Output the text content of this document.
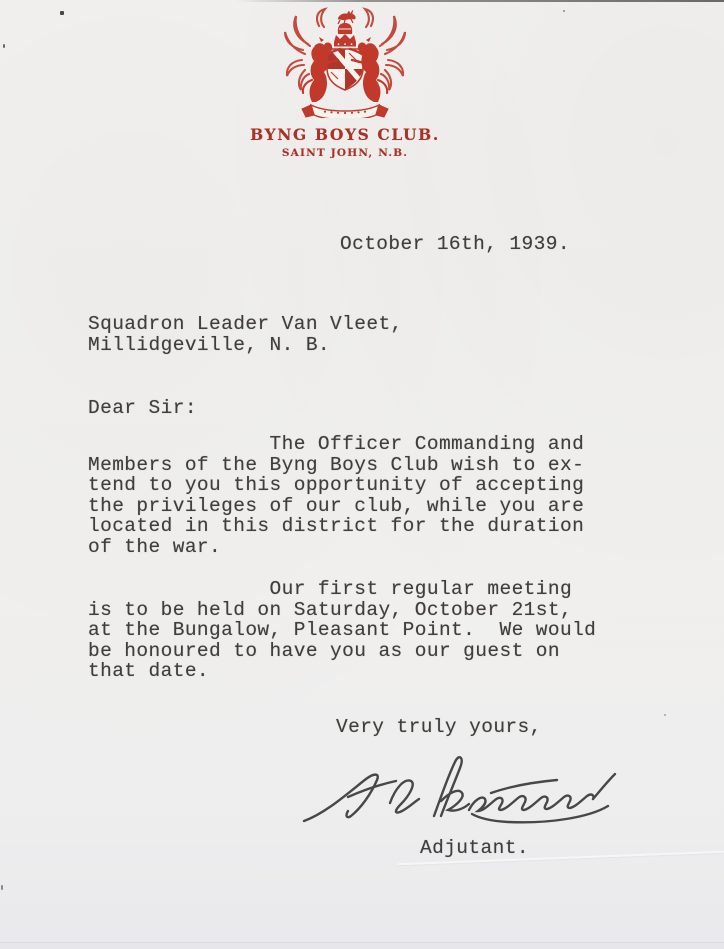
BYNG BOYS CLUB.
SAINT JOHN, N.B.
October 16th, 1939.
Squadron Leader Van Vleet,
Millidgeville, N. B.
Dear Sir:
The Officer Commanding and
Members of the Byng Boys Club wish to ex-
tend to you this opportunity of accepting
the privileges of our club, while you are
located in this district for the duration
of the war.
Our first regular meeting
is to be held on Saturday, October 21st,
at the Bungalow, Pleasant Point.  We would
be honoured to have you as our guest on
that date.
Very truly yours,
Adjutant.
